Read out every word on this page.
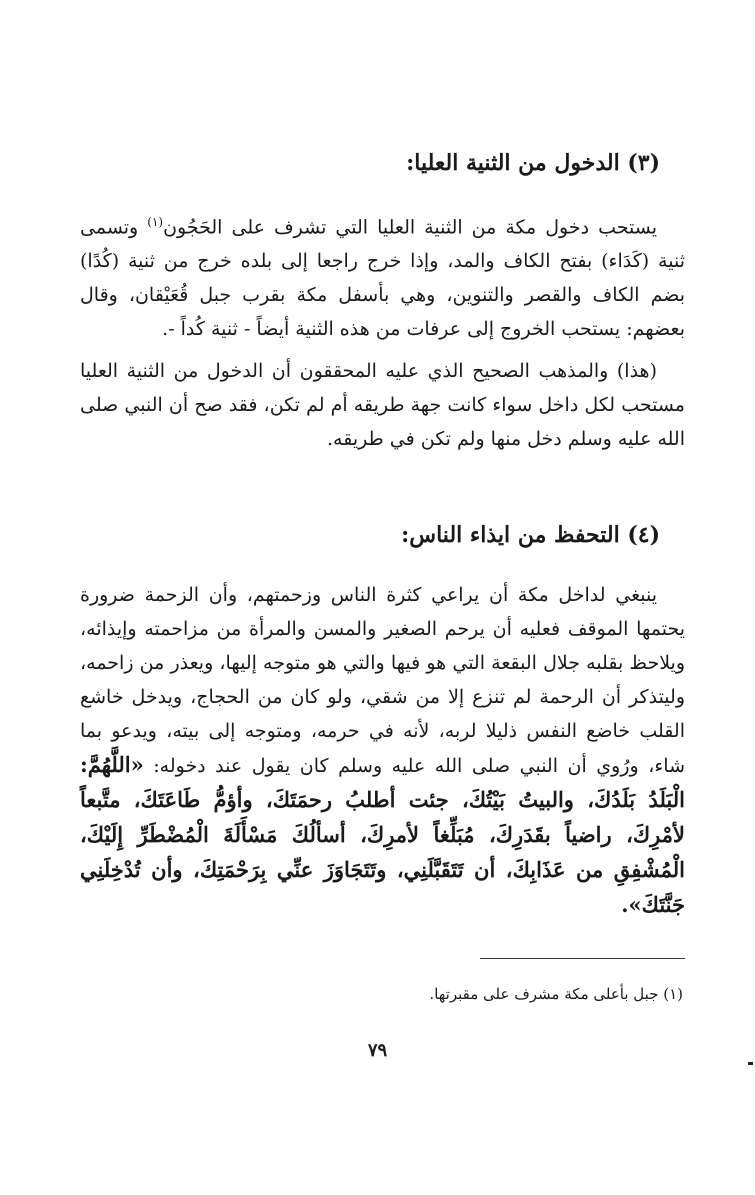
(٣) الدخول من الثنية العليا:
يستحب دخول مكة من الثنية العليا التي تشرف على الحَجُون$^{(١)}$ وتسمى ثنية (كَدَاء) بفتح الكاف والمد، وإذا خرج راجعا إلى بلده خرج من ثنية (كُدًا) بضم الكاف والقصر والتنوين، وهي بأسفل مكة بقرب جبل قُعَيْقان، وقال بعضهم: يستحب الخروج إلى عرفات من هذه الثنية أيضاً - ثنية كُداً -.
(هذا) والمذهب الصحيح الذي عليه المحققون أن الدخول من الثنية العليا مستحب لكل داخل سواء كانت جهة طريقه أم لم تكن، فقد صح أن النبي صلى الله عليه وسلم دخل منها ولم تكن في طريقه.
(٤) التحفظ من ايذاء الناس:
ينبغي لداخل مكة أن يراعي كثرة الناس وزحمتهم، وأن الزحمة ضرورة يحتمها الموقف فعليه أن يرحم الصغير والمسن والمرأة من مزاحمته وإيذائه، ويلاحظ بقلبه جلال البقعة التي هو فيها والتي هو متوجه إليها، ويعذر من زاحمه، وليتذكر أن الرحمة لم تنزع إلا من شقي، ولو كان من الحجاج، ويدخل خاشع القلب خاضع النفس ذليلا لربه، لأنه في حرمه، ومتوجه إلى بيته، ويدعو بما شاء، ورُوي أن النبي صلى الله عليه وسلم كان يقول عند دخوله: «اللَّهُمَّ: الْبَلَدُ بَلَدُكَ، والبيتُ بَيْتُكَ، جئت أطلبُ رحمَتَكَ، وأؤمُّ طَاعَتَكَ، متَّبعاً لأمْرِكَ، راضياً بقَدَرِكَ، مُبَلِّغاً لأمرِكَ، أسألُكَ مَسْأَلَةَ الْمُضْطَرِّ إِلَيْكَ، الْمُشْفِقِ من عَذَابِكَ، أن تَتَقَبَّلَنِي، وتَتَجَاوَزَ عنِّي بِرَحْمَتِكَ، وأن تُدْخِلَنِي جَنَّتَكَ».
(١) جبل بأعلى مكة مشرف على مقبرتها.
٧٩
